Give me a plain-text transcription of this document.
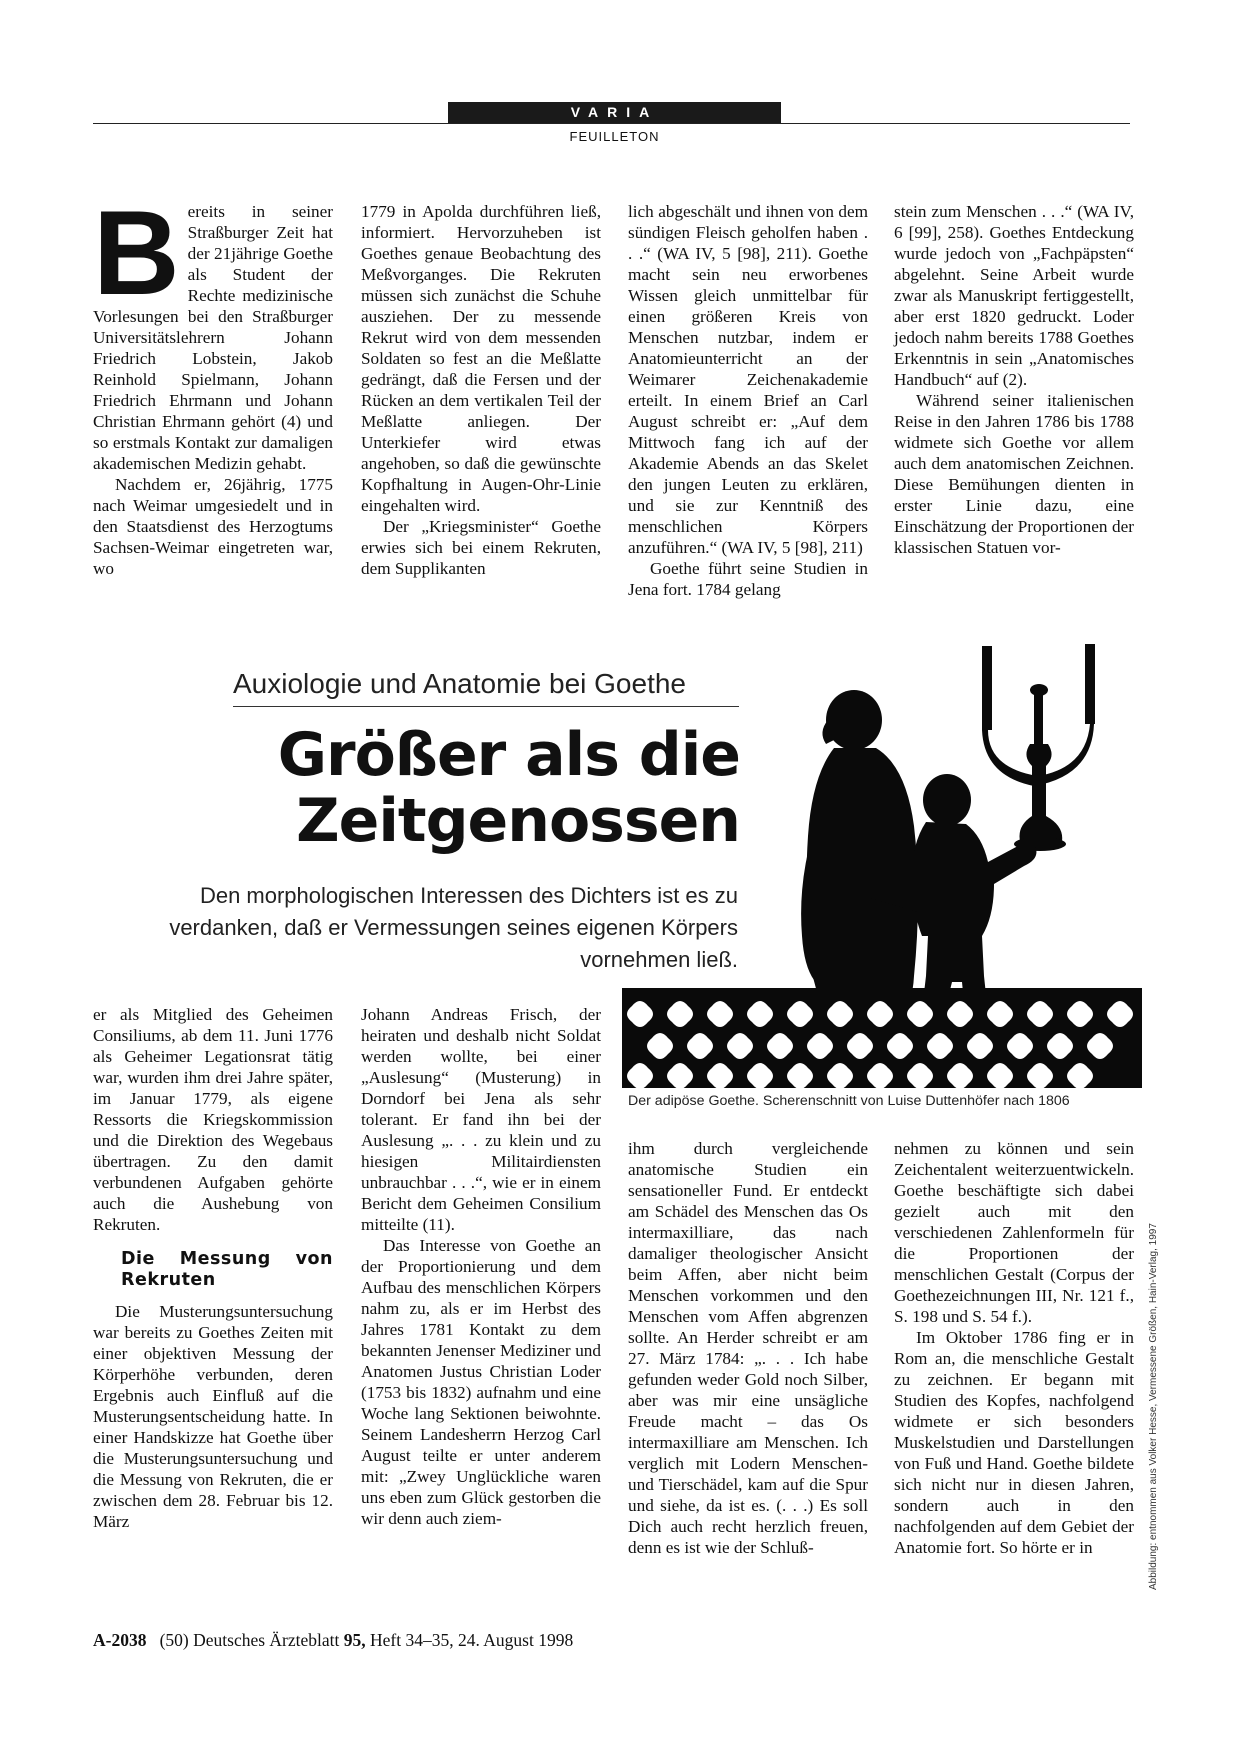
VARIA
FEUILLETON
B ereits in seiner Straßburger Zeit hat der 21jährige Goethe als Student der Rechte medizinische Vorlesungen bei den Straßburger Universitätslehrern Johann Friedrich Lobstein, Jakob Reinhold Spielmann, Johann Friedrich Ehrmann und Johann Christian Ehrmann gehört (4) und so erstmals Kontakt zur damaligen akademischen Medizin gehabt.

Nachdem er, 26jährig, 1775 nach Weimar umgesiedelt und in den Staatsdienst des Herzogtums Sachsen-Weimar eingetreten war, wo

1779 in Apolda durchführen ließ, informiert. Hervorzuheben ist Goethes genaue Beobachtung des Meßvorganges. Die Rekruten müssen sich zunächst die Schuhe ausziehen. Der zu messende Rekrut wird von dem messenden Soldaten so fest an die Meßlatte gedrängt, daß die Fersen und der Rücken an dem vertikalen Teil der Meßlatte anliegen. Der Unterkiefer wird etwas angehoben, so daß die gewünschte Kopfhaltung in Augen-Ohr-Linie eingehalten wird.

Der „Kriegsminister“ Goethe erwies sich bei einem Rekruten, dem Supplikanten

lich abgeschält und ihnen von dem sündigen Fleisch geholfen haben . . .“ (WA IV, 5 [98], 211). Goethe macht sein neu erworbenes Wissen gleich unmittelbar für einen größeren Kreis von Menschen nutzbar, indem er Anatomieunterricht an der Weimarer Zeichenakademie erteilt. In einem Brief an Carl August schreibt er: „Auf dem Mittwoch fang ich auf der Akademie Abends an das Skelet den jungen Leuten zu erklären, und sie zur Kenntniß des menschlichen Körpers anzuführen.“ (WA IV, 5 [98], 211)

Goethe führt seine Studien in Jena fort. 1784 gelang

stein zum Menschen . . .“ (WA IV, 6 [99], 258). Goethes Entdeckung wurde jedoch von „Fachpäpsten“ abgelehnt. Seine Arbeit wurde zwar als Manuskript fertiggestellt, aber erst 1820 gedruckt. Loder jedoch nahm bereits 1788 Goethes Erkenntnis in sein „Anatomisches Handbuch“ auf (2).

Während seiner italienischen Reise in den Jahren 1786 bis 1788 widmete sich Goethe vor allem auch dem anatomischen Zeichnen. Diese Bemühungen dienten in erster Linie dazu, eine Einschätzung der Proportionen der klassischen Statuen vor-

Auxiologie und Anatomie bei Goethe
Größer als die
Zeitgenossen
Den morphologischen Interessen des Dichters ist es zu verdanken, daß er Vermessungen seines eigenen Körpers vornehmen ließ.
Der adipöse Goethe. Scherenschnitt von Luise Duttenhöfer nach 1806
Abbildung: entnommen aus Volker Hesse, Vermessene Größen, Hain-Verlag, 1997

er als Mitglied des Geheimen Consiliums, ab dem 11. Juni 1776 als Geheimer Legationsrat tätig war, wurden ihm drei Jahre später, im Januar 1779, als eigene Ressorts die Kriegskommission und die Direktion des Wegebaus übertragen. Zu den damit verbundenen Aufgaben gehörte auch die Aushebung von Rekruten.

Die Messung von Rekruten

Die Musterungsuntersuchung war bereits zu Goethes Zeiten mit einer objektiven Messung der Körperhöhe verbunden, deren Ergebnis auch Einfluß auf die Musterungsentscheidung hatte. In einer Handskizze hat Goethe über die Musterungsuntersuchung und die Messung von Rekruten, die er zwischen dem 28. Februar bis 12. März

Johann Andreas Frisch, der heiraten und deshalb nicht Soldat werden wollte, bei einer „Auslesung“ (Musterung) in Dorndorf bei Jena als sehr tolerant. Er fand ihn bei der Auslesung „. . . zu klein und zu hiesigen Militairdiensten unbrauchbar . . .“, wie er in einem Bericht dem Geheimen Consilium mitteilte (11).

Das Interesse von Goethe an der Proportionierung und dem Aufbau des menschlichen Körpers nahm zu, als er im Herbst des Jahres 1781 Kontakt zu dem bekannten Jenenser Mediziner und Anatomen Justus Christian Loder (1753 bis 1832) aufnahm und eine Woche lang Sektionen beiwohnte. Seinem Landesherrn Herzog Carl August teilte er unter anderem mit: „Zwey Unglückliche waren uns eben zum Glück gestorben die wir denn auch ziem-

ihm durch vergleichende anatomische Studien ein sensationeller Fund. Er entdeckt am Schädel des Menschen das Os intermaxilliare, das nach damaliger theologischer Ansicht beim Affen, aber nicht beim Menschen vorkommen und den Menschen vom Affen abgrenzen sollte. An Herder schreibt er am 27. März 1784: „. . . Ich habe gefunden weder Gold noch Silber, aber was mir eine unsägliche Freude macht – das Os intermaxilliare am Menschen. Ich verglich mit Lodern Menschen- und Tierschädel, kam auf die Spur und siehe, da ist es. (. . .) Es soll Dich auch recht herzlich freuen, denn es ist wie der Schluß-

nehmen zu können und sein Zeichentalent weiterzuentwickeln. Goethe beschäftigte sich dabei gezielt auch mit den verschiedenen Zahlenformeln für die Proportionen der menschlichen Gestalt (Corpus der Goethezeichnungen III, Nr. 121 f., S. 198 und S. 54 f.).

Im Oktober 1786 fing er in Rom an, die menschliche Gestalt zu zeichnen. Er begann mit Studien des Kopfes, nachfolgend widmete er sich besonders Muskelstudien und Darstellungen von Fuß und Hand. Goethe bildete sich nicht nur in diesen Jahren, sondern auch in den nachfolgenden auf dem Gebiet der Anatomie fort. So hörte er in

A-2038 (50) Deutsches Ärzteblatt 95, Heft 34–35, 24. August 1998
